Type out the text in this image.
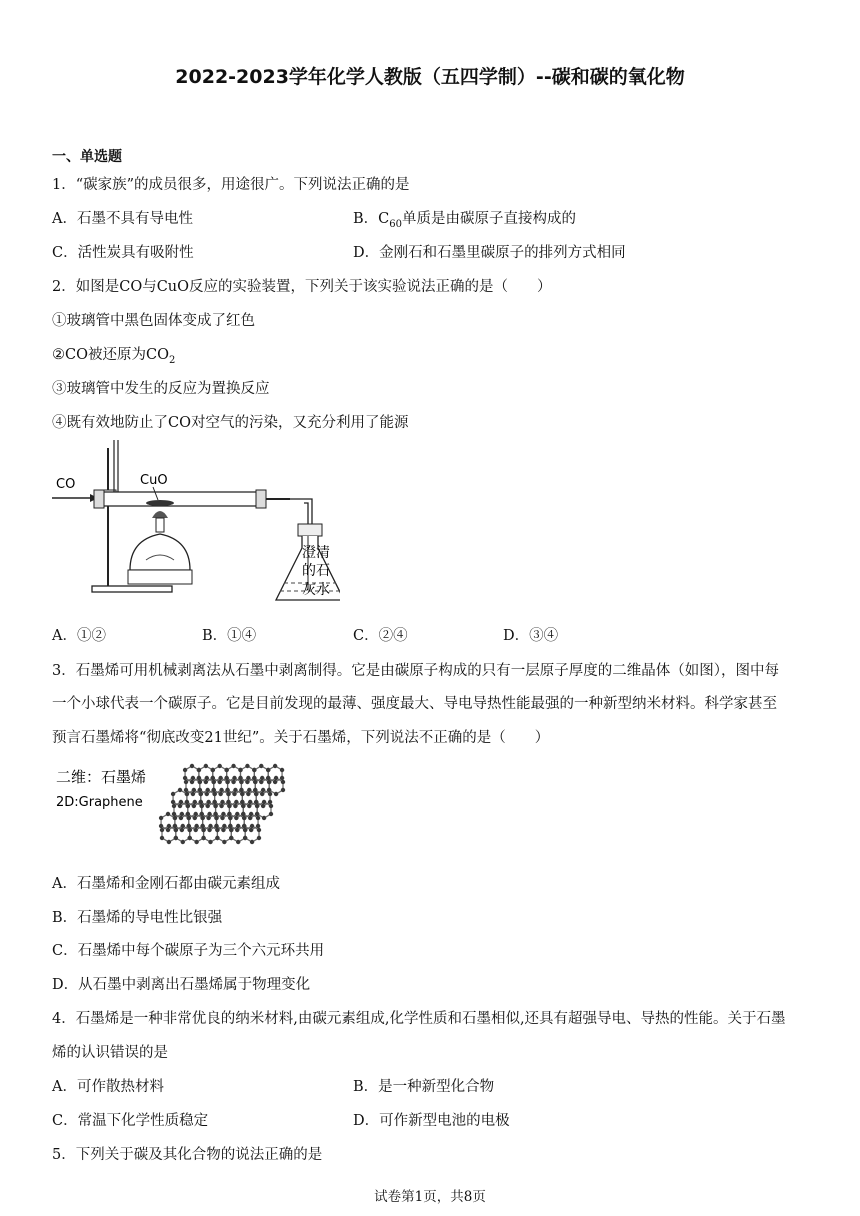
2022-2023学年化学人教版（五四学制）--碳和碳的氧化物
一、单选题
1．“碳家族”的成员很多，用途很广。下列说法正确的是
A．石墨不具有导电性	B．$C_{60}$单质是由碳原子直接构成的
C．活性炭具有吸附性	D．金刚石和石墨里碳原子的排列方式相同
2．如图是CO与CuO反应的实验装置，下列关于该实验说法正确的是（　　）
①玻璃管中黑色固体变成了红色
②CO被还原为$CO_2$
③玻璃管中发生的反应为置换反应
④既有效地防止了CO对空气的污染，又充分利用了能源
CO	CuO
澄清
的石
灰水
A．①②	B．①④	C．②④	D．③④
3．石墨烯可用机械剥离法从石墨中剥离制得。它是由碳原子构成的只有一层原子厚度的二维晶体（如图），图中每
一个小球代表一个碳原子。它是目前发现的最薄、强度最大、导电导热性能最强的一种新型纳米材料。科学家甚至
预言石墨烯将“彻底改变21世纪”。关于石墨烯，下列说法不正确的是（　　）
二维：石墨烯
2D:Graphene
A．石墨烯和金刚石都由碳元素组成
B．石墨烯的导电性比银强
C．石墨烯中每个碳原子为三个六元环共用
D．从石墨中剥离出石墨烯属于物理变化
4．石墨烯是一种非常优良的纳米材料,由碳元素组成,化学性质和石墨相似,还具有超强导电、导热的性能。关于石墨
烯的认识错误的是
A．可作散热材料	B．是一种新型化合物
C．常温下化学性质稳定	D．可作新型电池的电极
5．下列关于碳及其化合物的说法正确的是
试卷第1页，共8页
